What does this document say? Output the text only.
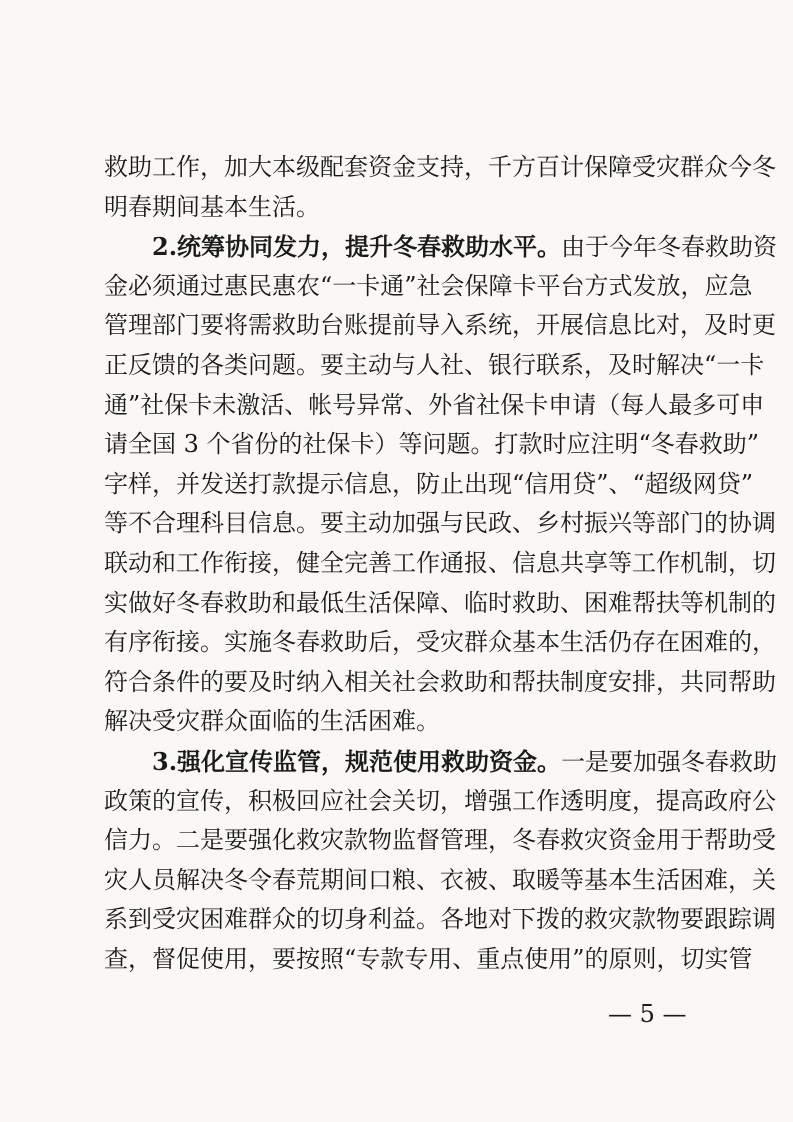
救助工作，加大本级配套资金支持，千方百计保障受灾群众今冬
明春期间基本生活。
2.统筹协同发力，提升冬春救助水平。由于今年冬春救助资
金必须通过惠民惠农“一卡通”社会保障卡平台方式发放，应急
管理部门要将需救助台账提前导入系统，开展信息比对，及时更
正反馈的各类问题。要主动与人社、银行联系，及时解决“一卡
通”社保卡未激活、帐号异常、外省社保卡申请（每人最多可申
请全国 3 个省份的社保卡）等问题。打款时应注明“冬春救助”
字样，并发送打款提示信息，防止出现“信用贷”、“超级网贷”
等不合理科目信息。要主动加强与民政、乡村振兴等部门的协调
联动和工作衔接，健全完善工作通报、信息共享等工作机制，切
实做好冬春救助和最低生活保障、临时救助、困难帮扶等机制的
有序衔接。实施冬春救助后，受灾群众基本生活仍存在困难的，
符合条件的要及时纳入相关社会救助和帮扶制度安排，共同帮助
解决受灾群众面临的生活困难。
3.强化宣传监管，规范使用救助资金。一是要加强冬春救助
政策的宣传，积极回应社会关切，增强工作透明度，提高政府公
信力。二是要强化救灾款物监督管理，冬春救灾资金用于帮助受
灾人员解决冬令春荒期间口粮、衣被、取暖等基本生活困难，关
系到受灾困难群众的切身利益。各地对下拨的救灾款物要跟踪调
查，督促使用，要按照“专款专用、重点使用”的原则，切实管
— 5 —
